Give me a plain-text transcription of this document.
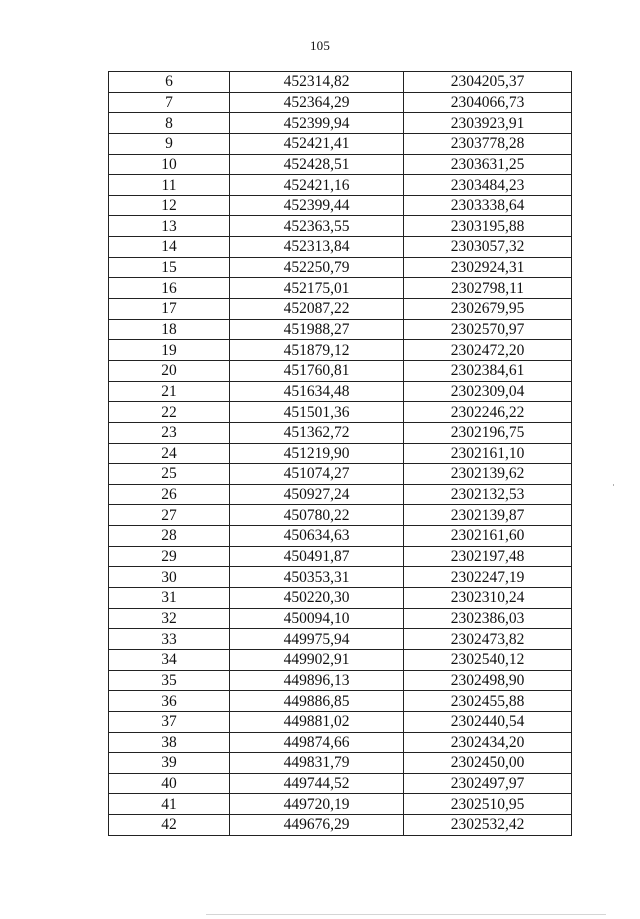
105
6	452314,82	2304205,37
7	452364,29	2304066,73
8	452399,94	2303923,91
9	452421,41	2303778,28
10	452428,51	2303631,25
11	452421,16	2303484,23
12	452399,44	2303338,64
13	452363,55	2303195,88
14	452313,84	2303057,32
15	452250,79	2302924,31
16	452175,01	2302798,11
17	452087,22	2302679,95
18	451988,27	2302570,97
19	451879,12	2302472,20
20	451760,81	2302384,61
21	451634,48	2302309,04
22	451501,36	2302246,22
23	451362,72	2302196,75
24	451219,90	2302161,10
25	451074,27	2302139,62
26	450927,24	2302132,53
27	450780,22	2302139,87
28	450634,63	2302161,60
29	450491,87	2302197,48
30	450353,31	2302247,19
31	450220,30	2302310,24
32	450094,10	2302386,03
33	449975,94	2302473,82
34	449902,91	2302540,12
35	449896,13	2302498,90
36	449886,85	2302455,88
37	449881,02	2302440,54
38	449874,66	2302434,20
39	449831,79	2302450,00
40	449744,52	2302497,97
41	449720,19	2302510,95
42	449676,29	2302532,42
